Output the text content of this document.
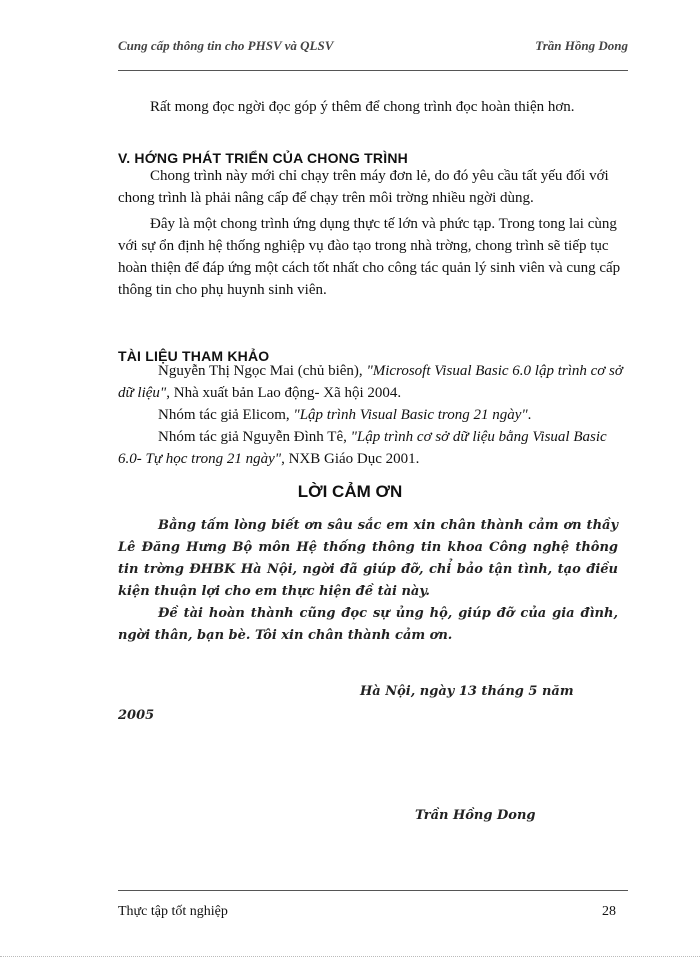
Cung cấp thông tin cho PHSV và QLSV	Trần Hồng Dong

Rất mong đọc ngời đọc góp ý thêm để chong trình đọc hoàn thiện hơn.

V. HỚNG PHÁT TRIỂN CỦA CHONG TRÌNH

Chong trình này mới chỉ chạy trên máy đơn lẻ, do đó yêu cầu tất yếu đối với chong trình là phải nâng cấp để chạy trên môi trờng nhiều ngời dùng.

Đây là một chong trình ứng dụng thực tế lớn và phức tạp. Trong tong lai cùng với sự ổn định hệ thống nghiệp vụ đào tạo trong nhà trờng, chong trình sẽ tiếp tục hoàn thiện để đáp ứng một cách tốt nhất cho công tác quản lý sinh viên và cung cấp thông tin cho phụ huynh sinh viên.

TÀI LIỆU THAM KHẢO

Nguyễn Thị Ngọc Mai (chủ biên), "Microsoft Visual Basic 6.0 lập trình cơ sở dữ liệu", Nhà xuất bản Lao động- Xã hội 2004.

Nhóm tác giả Elicom, "Lập trình Visual Basic trong 21 ngày".

Nhóm tác giả Nguyễn Đình Tê, "Lập trình cơ sở dữ liệu bằng Visual Basic 6.0- Tự học trong 21 ngày", NXB Giáo Dục 2001.

LỜI CẢM ƠN

Bằng tấm lòng biết ơn sâu sắc em xin chân thành cảm ơn thầy Lê Đăng Hưng Bộ môn Hệ thống thông tin khoa Công nghệ thông tin trờng ĐHBK Hà Nội, ngời đã giúp đỡ, chỉ bảo tận tình, tạo điều kiện thuận lợi cho em thực hiện đề tài này.

Đề tài hoàn thành cũng đọc sự ủng hộ, giúp đỡ của gia đình, ngời thân, bạn bè. Tôi xin chân thành cảm ơn.

Hà Nội, ngày 13 tháng 5 năm
2005
Trần Hồng Dong
Thực tập tốt nghiệp	28
